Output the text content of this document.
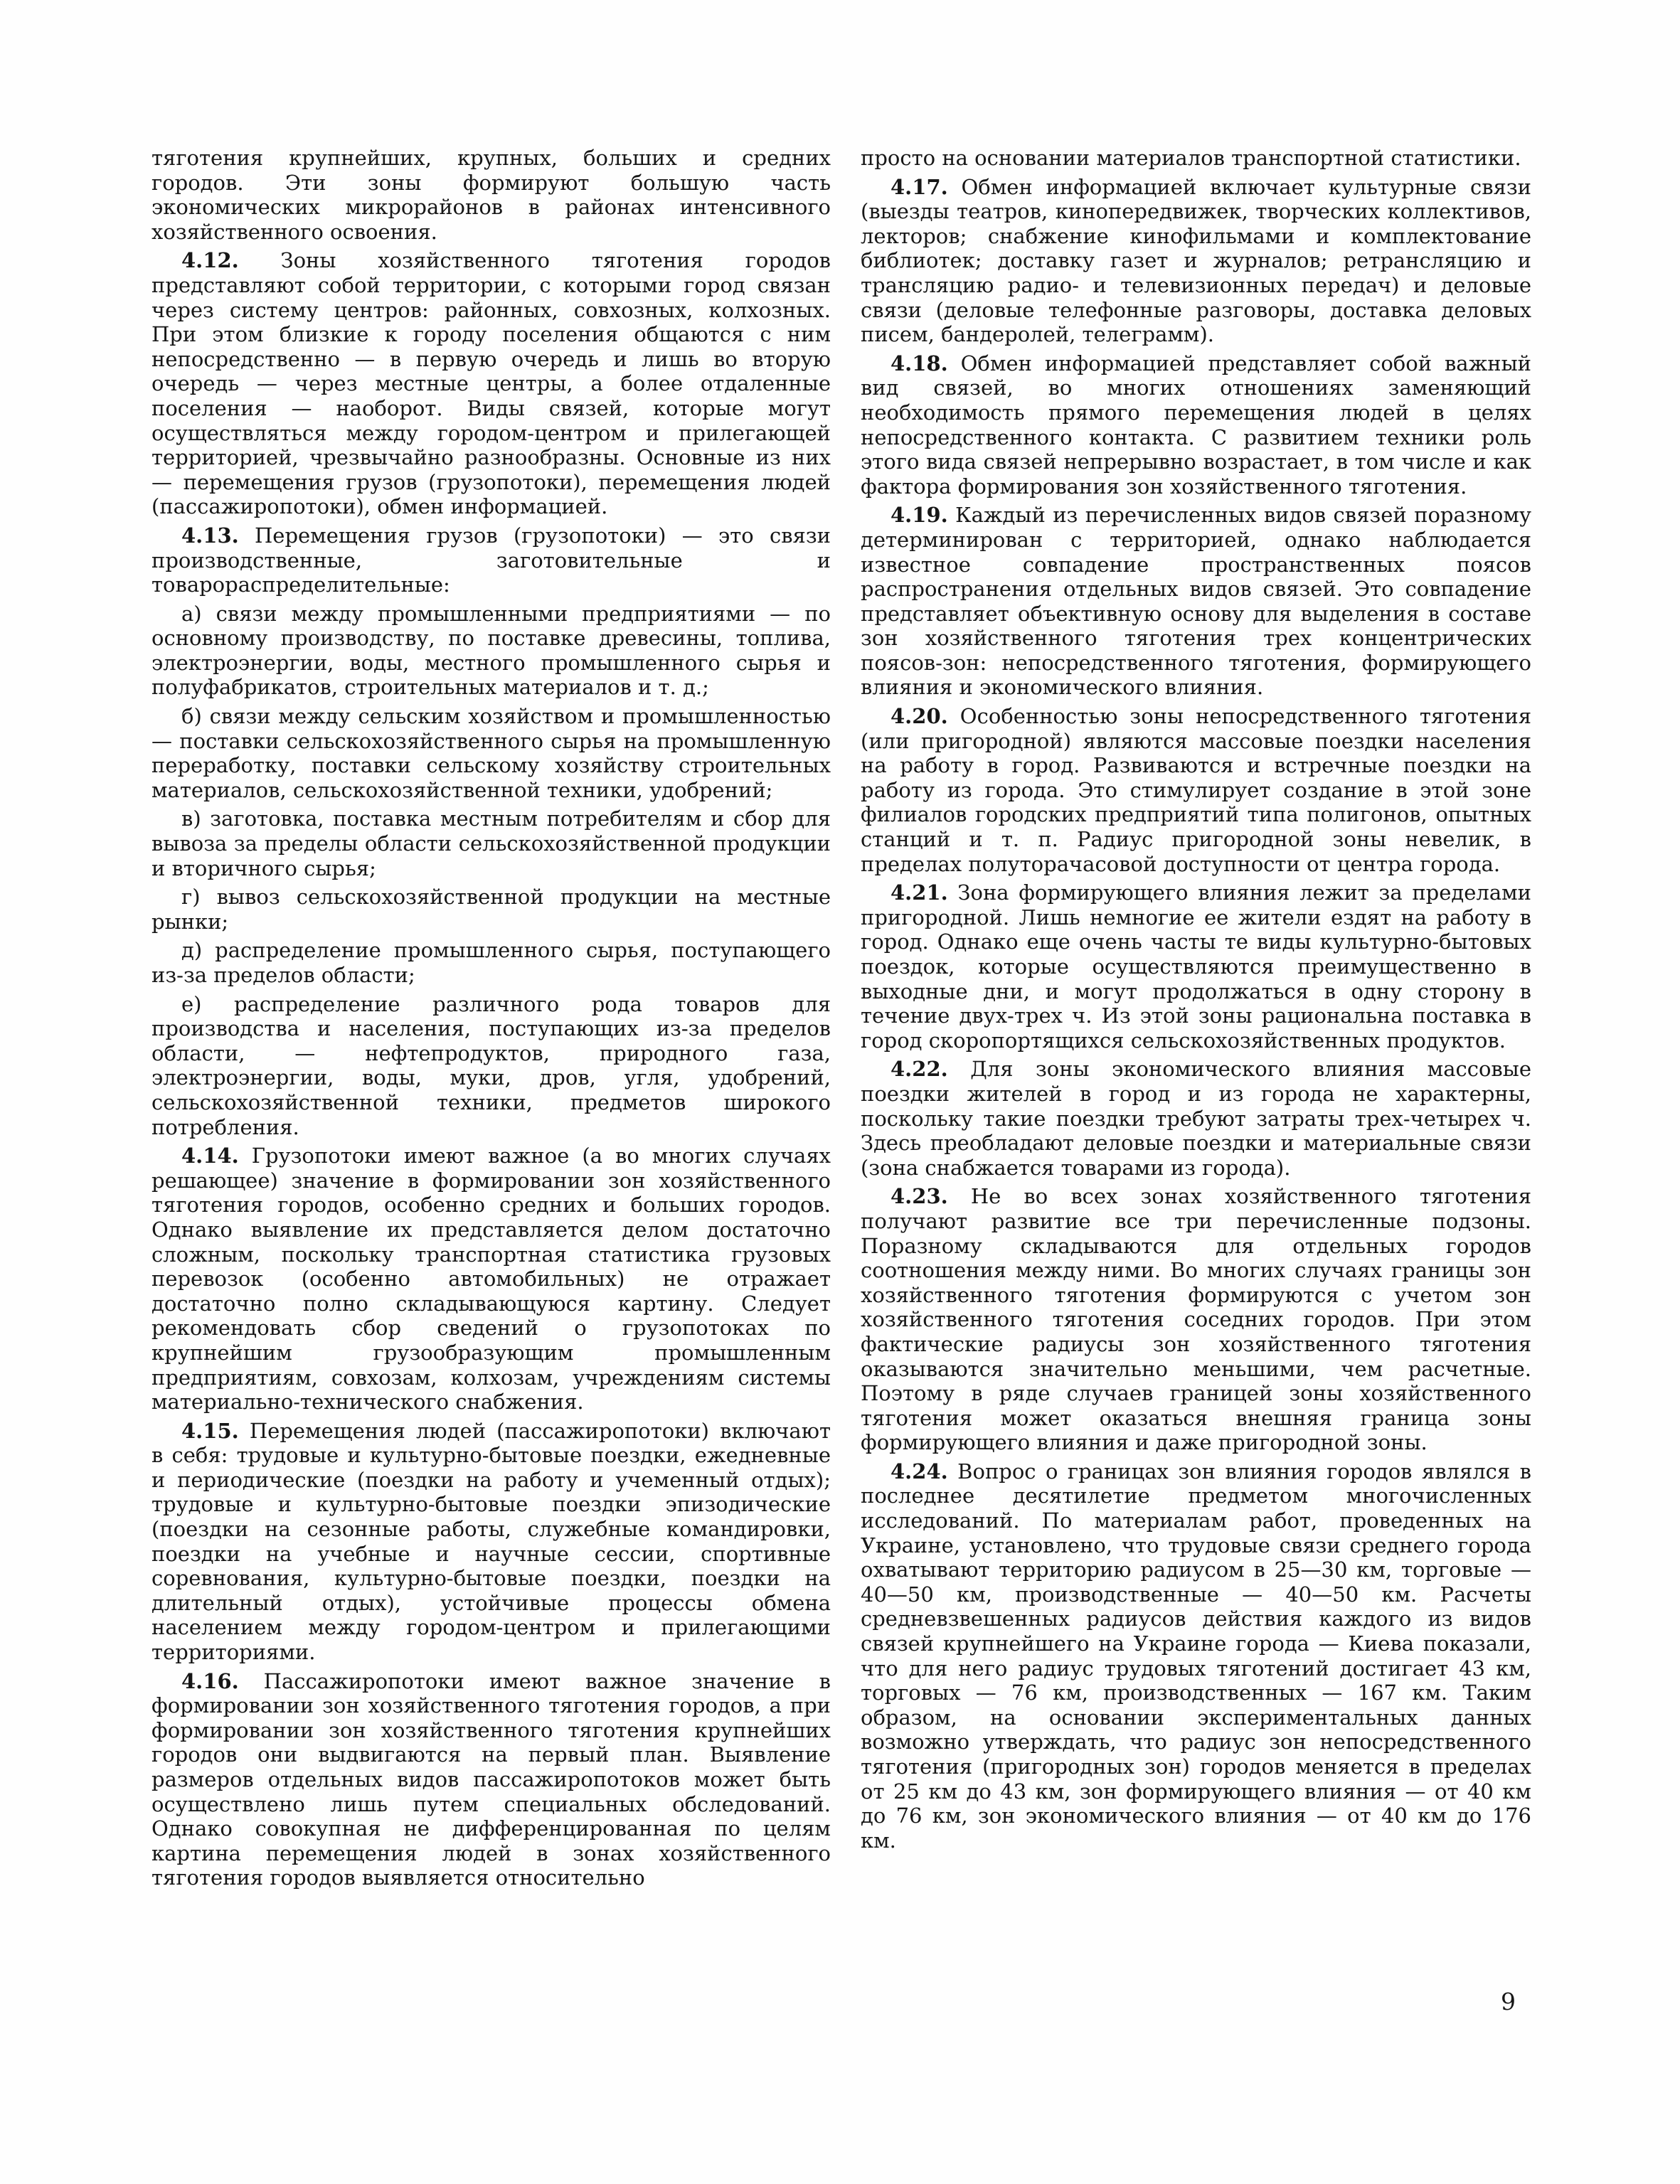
тяготения крупнейших, крупных, больших и средних городов. Эти зоны формируют большую часть экономических микрорайонов в районах интенсивного хозяйственного освоения.

4.12. Зоны хозяйственного тяготения городов представляют собой территории, с которыми город связан через систему центров: районных, совхозных, колхозных. При этом близкие к городу поселения общаются с ним непосредственно — в первую очередь и лишь во вторую очередь — через местные центры, а более отдаленные поселения — наоборот. Виды связей, которые могут осуществляться между городом-центром и прилегающей территорией, чрезвычайно разнообразны. Основные из них — перемещения грузов (грузопотоки), перемещения людей (пассажиропотоки), обмен информацией.

4.13. Перемещения грузов (грузопотоки) — это связи производственные, заготовительные и товарораспределительные:

а) связи между промышленными предприятиями — по основному производству, по поставке древесины, топлива, электроэнергии, воды, местного промышленного сырья и полуфабрикатов, строительных материалов и т. д.;

б) связи между сельским хозяйством и промышленностью — поставки сельскохозяйственного сырья на промышленную переработку, поставки сельскому хозяйству строительных материалов, сельскохозяйственной техники, удобрений;

в) заготовка, поставка местным потребителям и сбор для вывоза за пределы области сельскохозяйственной продукции и вторичного сырья;

г) вывоз сельскохозяйственной продукции на местные рынки;

д) распределение промышленного сырья, поступающего из-за пределов области;

е) распределение различного рода товаров для производства и населения, поступающих из-за пределов области, — нефтепродуктов, природного газа, электроэнергии, воды, муки, дров, угля, удобрений, сельскохозяйственной техники, предметов широкого потребления.

4.14. Грузопотоки имеют важное (а во многих случаях решающее) значение в формировании зон хозяйственного тяготения городов, особенно средних и больших городов. Однако выявление их представляется делом достаточно сложным, поскольку транспортная статистика грузовых перевозок (особенно автомобильных) не отражает достаточно полно складывающуюся картину. Следует рекомендовать сбор сведений о грузопотоках по крупнейшим грузообразующим промышленным предприятиям, совхозам, колхозам, учреждениям системы материально-технического снабжения.

4.15. Перемещения людей (пассажиропотоки) включают в себя: трудовые и культурно-бытовые поездки, ежедневные и периодические (поездки на работу и учеменный отдых); трудовые и культурно-бытовые поездки эпизодические (поездки на сезонные работы, служебные командировки, поездки на учебные и научные сессии, спортивные соревнования, культурно-бытовые поездки, поездки на длительный отдых), устойчивые процессы обмена населением между городом-центром и прилегающими территориями.

4.16. Пассажиропотоки имеют важное значение в формировании зон хозяйственного тяготения городов, а при формировании зон хозяйственного тяготения крупнейших городов они выдвигаются на первый план. Выявление размеров отдельных видов пассажиропотоков может быть осуществлено лишь путем специальных обследований. Однако совокупная не дифференцированная по целям картина перемещения людей в зонах хозяйственного тяготения городов выявляется относительно

просто на основании материалов транспортной статистики.

4.17. Обмен информацией включает культурные связи (выезды театров, кинопередвижек, творческих коллективов, лекторов; снабжение кинофильмами и комплектование библиотек; доставку газет и журналов; ретрансляцию и трансляцию радио- и телевизионных передач) и деловые связи (деловые телефонные разговоры, доставка деловых писем, бандеролей, телеграмм).

4.18. Обмен информацией представляет собой важный вид связей, во многих отношениях заменяющий необходимость прямого перемещения людей в целях непосредственного контакта. С развитием техники роль этого вида связей непрерывно возрастает, в том числе и как фактора формирования зон хозяйственного тяготения.

4.19. Каждый из перечисленных видов связей поразному детерминирован с территорией, однако наблюдается известное совпадение пространственных поясов распространения отдельных видов связей. Это совпадение представляет объективную основу для выделения в составе зон хозяйственного тяготения трех концентрических поясов-зон: непосредственного тяготения, формирующего влияния и экономического влияния.

4.20. Особенностью зоны непосредственного тяготения (или пригородной) являются массовые поездки населения на работу в город. Развиваются и встречные поездки на работу из города. Это стимулирует создание в этой зоне филиалов городских предприятий типа полигонов, опытных станций и т. п. Радиус пригородной зоны невелик, в пределах полуторачасовой доступности от центра города.

4.21. Зона формирующего влияния лежит за пределами пригородной. Лишь немногие ее жители ездят на работу в город. Однако еще очень часты те виды культурно-бытовых поездок, которые осуществляются преимущественно в выходные дни, и могут продолжаться в одну сторону в течение двух-трех ч. Из этой зоны рациональна поставка в город скоропортящихся сельскохозяйственных продуктов.

4.22. Для зоны экономического влияния массовые поездки жителей в город и из города не характерны, поскольку такие поездки требуют затраты трех-четырех ч. Здесь преобладают деловые поездки и материальные связи (зона снабжается товарами из города).

4.23. Не во всех зонах хозяйственного тяготения получают развитие все три перечисленные подзоны. Поразному складываются для отдельных городов соотношения между ними. Во многих случаях границы зон хозяйственного тяготения формируются с учетом зон хозяйственного тяготения соседних городов. При этом фактические радиусы зон хозяйственного тяготения оказываются значительно меньшими, чем расчетные. Поэтому в ряде случаев границей зоны хозяйственного тяготения может оказаться внешняя граница зоны формирующего влияния и даже пригородной зоны.

4.24. Вопрос о границах зон влияния городов являлся в последнее десятилетие предметом многочисленных исследований. По материалам работ, проведенных на Украине, установлено, что трудовые связи среднего города охватывают территорию радиусом в 25—30 км, торговые — 40—50 км, производственные — 40—50 км. Расчеты средневзвешенных радиусов действия каждого из видов связей крупнейшего на Украине города — Киева показали, что для него радиус трудовых тяготений достигает 43 км, торговых — 76 км, производственных — 167 км. Таким образом, на основании экспериментальных данных возможно утверждать, что радиус зон непосредственного тяготения (пригородных зон) городов меняется в пределах от 25 км до 43 км, зон формирующего влияния — от 40 км до 76 км, зон экономического влияния — от 40 км до 176 км.

9
